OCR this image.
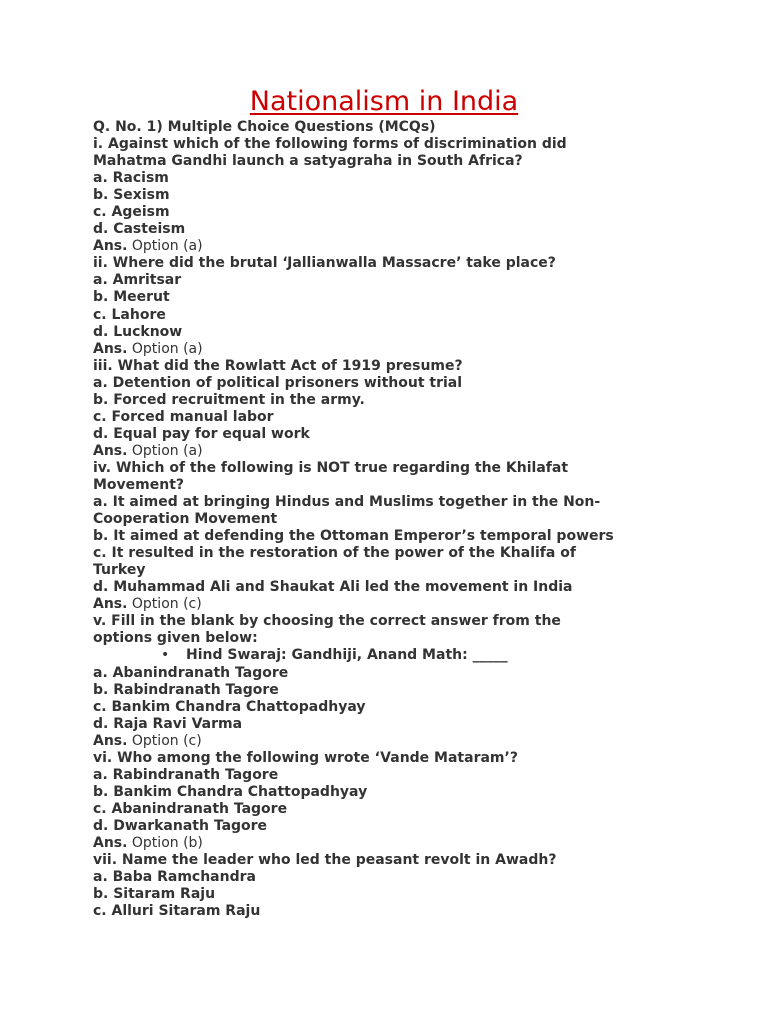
Nationalism in India
Q. No. 1) Multiple Choice Questions (MCQs)
i. Against which of the following forms of discrimination did
Mahatma Gandhi launch a satyagraha in South Africa?
a. Racism
b. Sexism
c. Ageism
d. Casteism
Ans. Option (a)
ii. Where did the brutal ‘Jallianwalla Massacre’ take place?
a. Amritsar
b. Meerut
c. Lahore
d. Lucknow
Ans. Option (a)
iii. What did the Rowlatt Act of 1919 presume?
a. Detention of political prisoners without trial
b. Forced recruitment in the army.
c. Forced manual labor
d. Equal pay for equal work
Ans. Option (a)
iv. Which of the following is NOT true regarding the Khilafat
Movement?
a. It aimed at bringing Hindus and Muslims together in the Non-
Cooperation Movement
b. It aimed at defending the Ottoman Emperor’s temporal powers
c. It resulted in the restoration of the power of the Khalifa of
Turkey
d. Muhammad Ali and Shaukat Ali led the movement in India
Ans. Option (c)
v. Fill in the blank by choosing the correct answer from the
options given below:
• Hind Swaraj: Gandhiji, Anand Math: _____
a. Abanindranath Tagore
b. Rabindranath Tagore
c. Bankim Chandra Chattopadhyay
d. Raja Ravi Varma
Ans. Option (c)
vi. Who among the following wrote ‘Vande Mataram’?
a. Rabindranath Tagore
b. Bankim Chandra Chattopadhyay
c. Abanindranath Tagore
d. Dwarkanath Tagore
Ans. Option (b)
vii. Name the leader who led the peasant revolt in Awadh?
a. Baba Ramchandra
b. Sitaram Raju
c. Alluri Sitaram Raju
